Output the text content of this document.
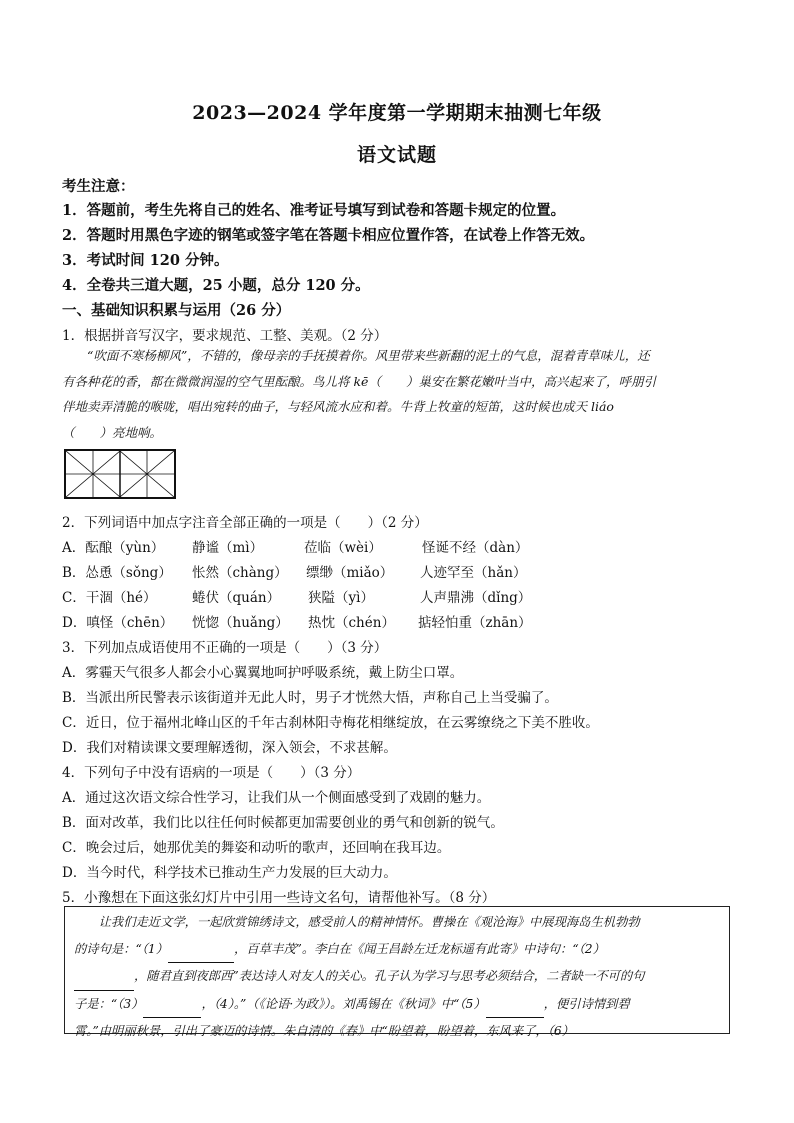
2023—2024 学年度第一学期期末抽测七年级
语文试题
考生注意：
1．答题前，考生先将自己的姓名、准考证号填写到试卷和答题卡规定的位置。
2．答题时用黑色字迹的钢笔或签字笔在答题卡相应位置作答，在试卷上作答无效。
3．考试时间 120 分钟。
4．全卷共三道大题，25 小题，总分 120 分。
一、基础知识积累与运用（26 分）
1．根据拼音写汉字，要求规范、工整、美观。（2 分）

“吹面不寒杨柳风”，不错的，像母亲的手抚摸着你。风里带来些新翻的泥土的气息，混着青草味儿，还

有各种花的香，都在微微润湿的空气里酝酿。鸟儿将 kē（　　）巢安在繁花嫩叶当中，高兴起来了，呼朋引
伴地卖弄清脆的喉咙，唱出宛转的曲子，与轻风流水应和着。牛背上牧童的短笛，这时候也成天 liáo
（　　）亮地响。
2．下列词语中加点字注音全部正确的一项是（　　）（2 分）
A．酝酿（yùn） 静谧（mì）	莅临（wèi）	怪诞不经（dàn）
B．怂恿（sǒng） 怅然（chàng） 缥缈（miǎo） 人迹罕至（hǎn）
C．干涸（hé）	蜷伏（quán） 狭隘（yì）	人声鼎沸（dǐng）
D．嗔怪（chēn） 恍惚（huǎng） 热忱（chén） 掂轻怕重（zhān）
3．下列加点成语使用不正确的一项是（　　）（3 分）
A．雾霾天气很多人都会小心翼翼地呵护呼吸系统，戴上防尘口罩。
B．当派出所民警表示该街道并无此人时，男子才恍然大悟，声称自己上当受骗了。
C．近日，位于福州北峰山区的千年古刹林阳寺梅花相继绽放，在云雾缭绕之下美不胜收。
D．我们对精读课文要理解透彻，深入领会，不求甚解。
4．下列句子中没有语病的一项是（　　）（3 分）
A．通过这次语文综合性学习，让我们从一个侧面感受到了戏剧的魅力。
B．面对改革，我们比以往任何时候都更加需要创业的勇气和创新的锐气。
C．晚会过后，她那优美的舞姿和动听的歌声，还回响在我耳边。
D．当今时代，科学技术已推动生产力发展的巨大动力。
5．小豫想在下面这张幻灯片中引用一些诗文名句，请帮他补写。（8 分）

让我们走近文学，一起欣赏锦绣诗文，感受前人的精神情怀。曹操在《观沧海》中展现海岛生机勃勃

的诗句是：“（1）	，百草丰茂”。李白在《闻王昌龄左迁龙标遥有此寄》中诗句：“（2）

，随君直到夜郎西”表达诗人对友人的关心。孔子认为学习与思考必须结合，二者缺一不可的句

子是：“（3）	，（4）。”（《论语·为政》）。刘禹锡在《秋词》中“（5）	，便引诗情到碧

霄。”由明丽秋景，引出了豪迈的诗情。朱自清的《春》中“盼望着，盼望着，东风来了，（6）
